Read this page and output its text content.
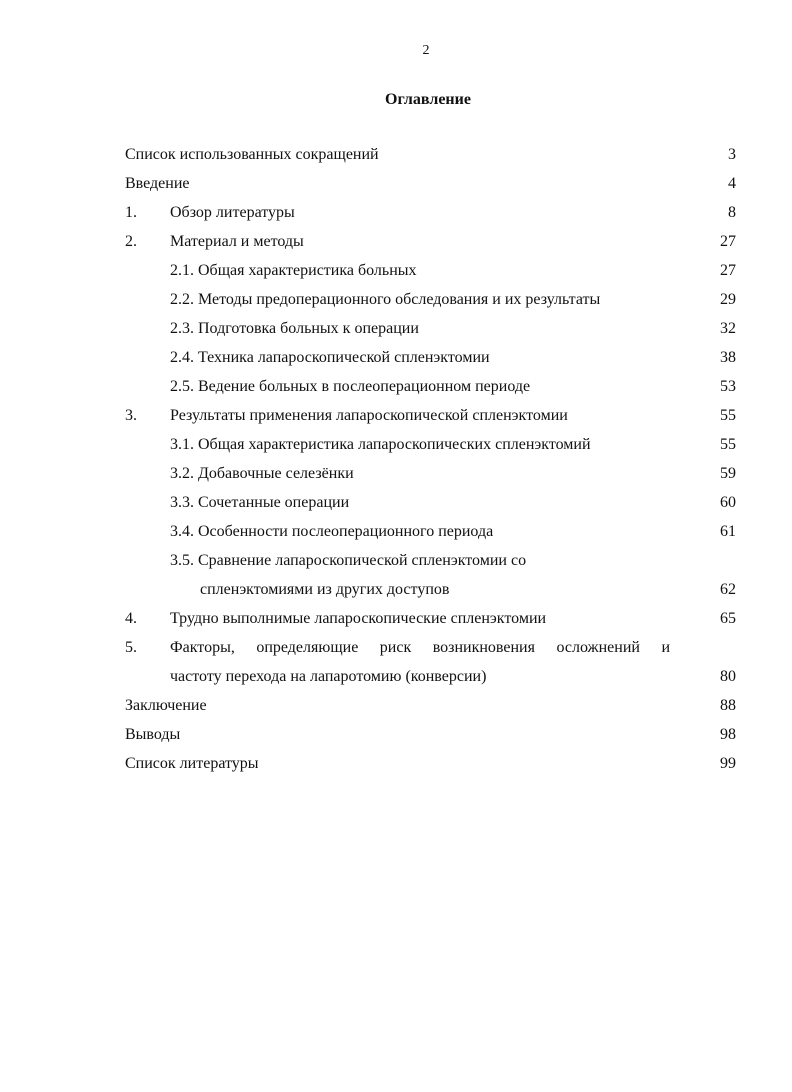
2
Оглавление
Список использованных сокращений	3
Введение	4
1. Обзор литературы	8
2. Материал и методы	27
2.1. Общая характеристика больных	27
2.2. Методы предоперационного обследования и их результаты	29
2.3. Подготовка больных к операции	32
2.4. Техника лапароскопической спленэктомии	38
2.5. Ведение больных в послеоперационном периоде	53
3. Результаты применения лапароскопической спленэктомии	55
3.1. Общая характеристика лапароскопических спленэктомий	55
3.2. Добавочные селезёнки	59
3.3. Сочетанные операции	60
3.4. Особенности послеоперационного периода	61
3.5. Сравнение лапароскопической спленэктомии со
спленэктомиями из других доступов	62
4. Трудно выполнимые лапароскопические спленэктомии	65
5. Факторы, определяющие риск возникновения осложнений и
частоту перехода на лапаротомию (конверсии)	80
Заключение	88
Выводы	98
Список литературы	99
